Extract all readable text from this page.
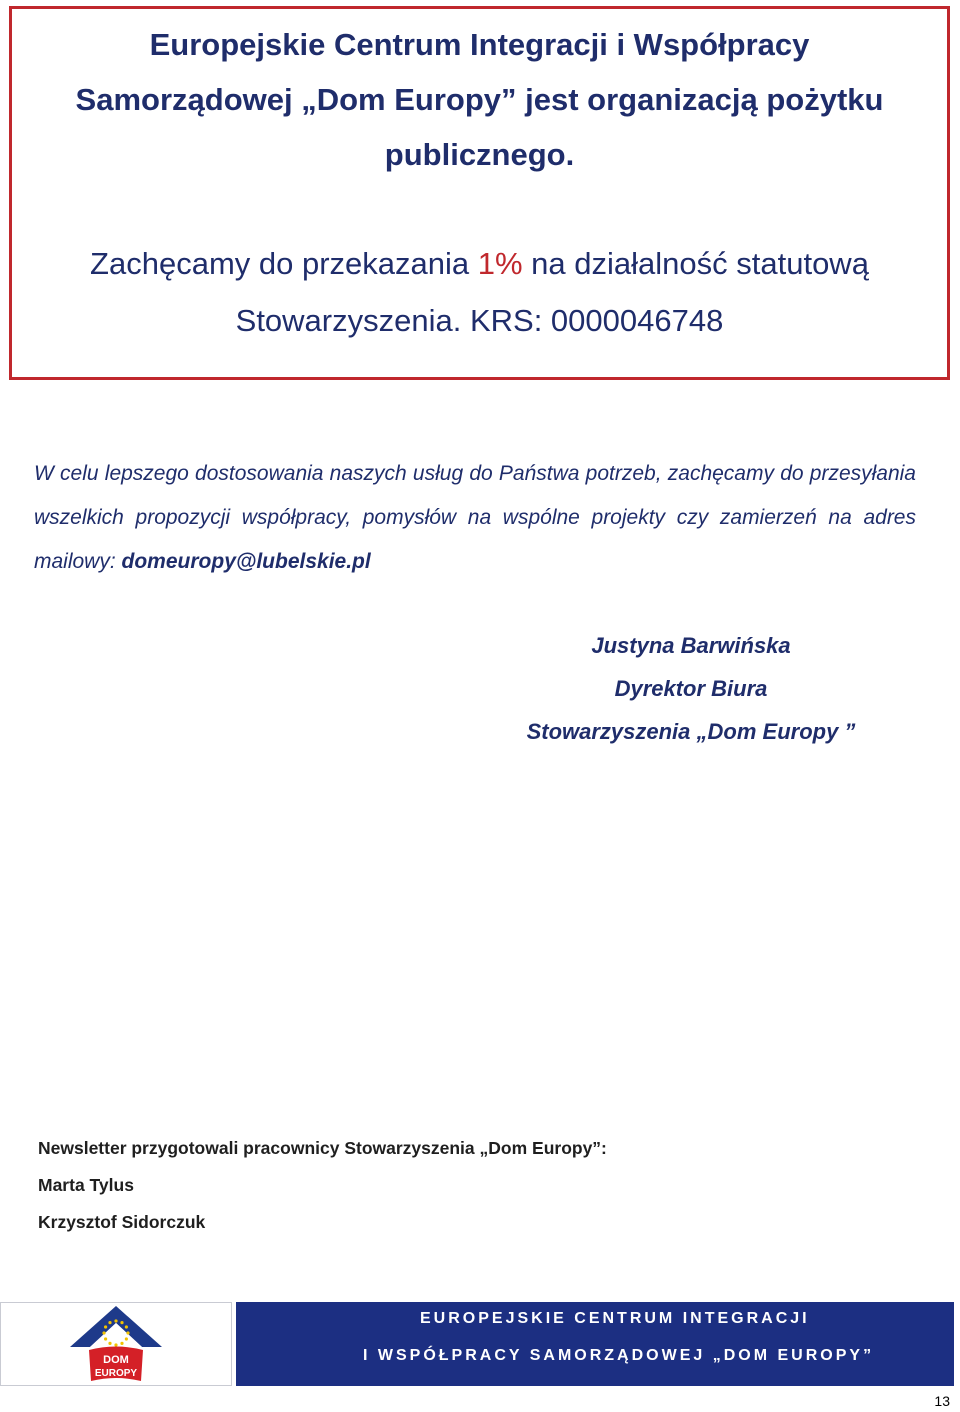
Europejskie Centrum Integracji i Współpracy

Samorządowej „Dom Europy” jest organizacją pożytku

publicznego.

Zachęcamy do przekazania 1% na działalność statutową

Stowarzyszenia. KRS: 0000046748

W celu lepszego dostosowania naszych usług do Państwa potrzeb, zachęcamy do przesyłania wszelkich propozycji współpracy, pomysłów na wspólne projekty czy zamierzeń na adres mailowy: domeuropy@lubelskie.pl
Justyna Barwińska
Dyrektor Biura
Stowarzyszenia „Dom Europy ”
Newsletter przygotowali pracownicy Stowarzyszenia „Dom Europy”:
Marta Tylus
Krzysztof Sidorczuk
DOM
EUROPY
EUROPEJSKIE CENTRUM INTEGRACJI
I WSPÓŁPRACY SAMORZĄDOWEJ „DOM EUROPY”
13
